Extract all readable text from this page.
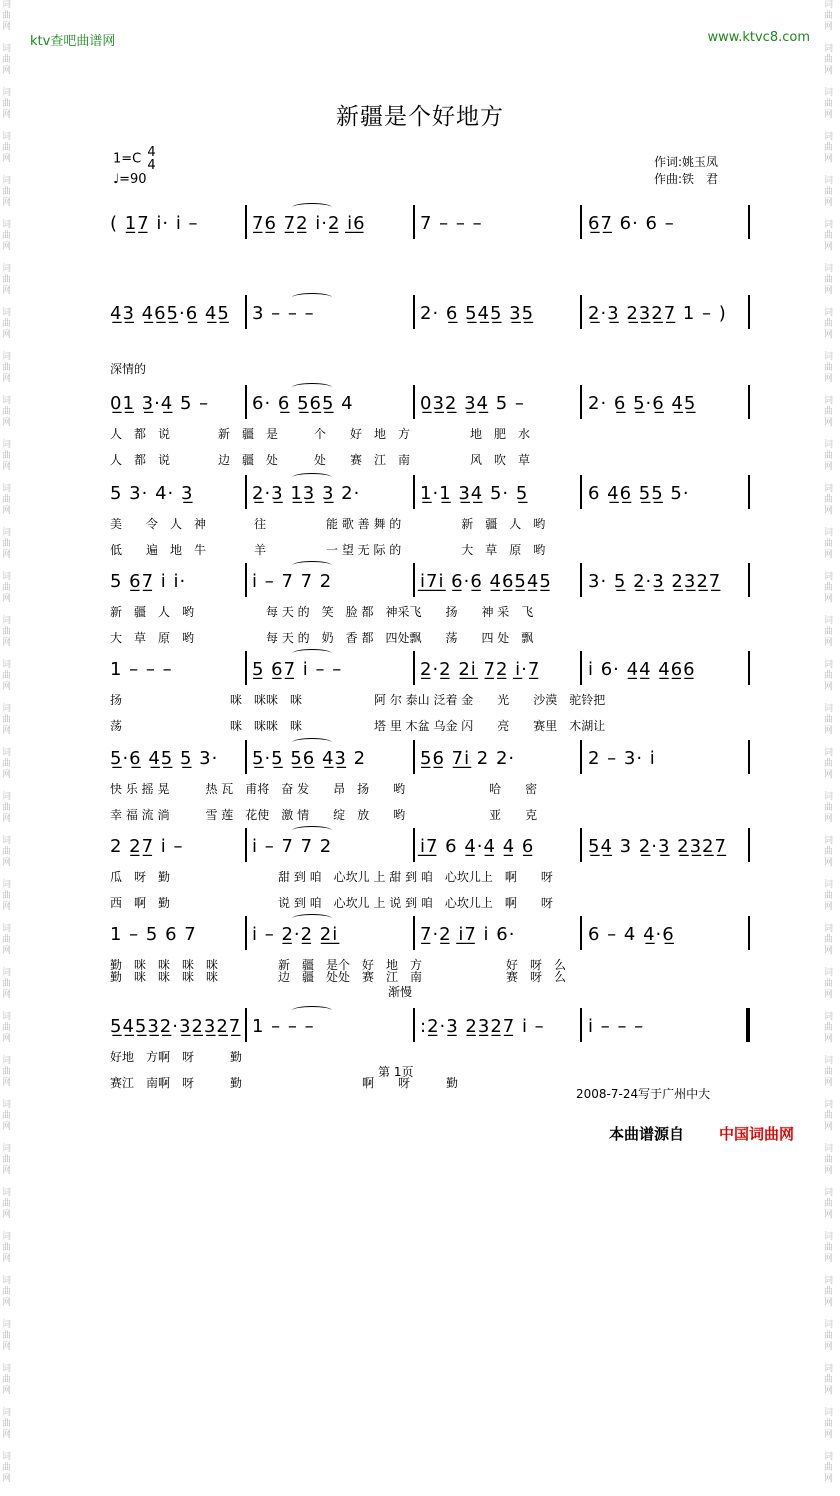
词
曲
网

词
曲
网

词
曲
网

词
曲
网

词
曲
网

词
曲
网

词
曲
网

词
曲
网

词
曲
网

词
曲
网

词
曲
网

词
曲
网

词
曲
网

词
曲
网

词
曲
网

词
曲
网

词
曲
网

词
曲
网

词
曲
网

词
曲
网

词
曲
网

词
曲
网

词
曲
网

词
曲
网

词
曲
网

词
曲
网

词
曲
网

词
曲
网

词
曲
网

词
曲
网

词
曲
网

词
曲
网

词
曲
网

词
曲
网

词
曲
网

词
曲
网

词
曲
网

词
曲
网

词
曲
网

词
曲
网

词
曲
网

词
曲
网

词
曲
网

词
曲
网

词
曲
网

词
曲
网

词
曲
网

词
曲
网

词
曲
网

词
曲
网

词
曲
网

词
曲
网

词
曲
网

词
曲
网

词
曲
网

词
曲
网

词
曲
网

词
曲
网

词
曲
网

词
曲
网

词
曲
网

词
曲
网

词
曲
网

词
曲
网

词
曲
网

词
曲
网

词
曲
网

词
曲
网

ktv查吧曲谱网	www.ktvc8.com
新疆是个好地方
1=C 4
4
♩=90
作词:姚玉凤
作曲:铁　君
深情的
渐慢
( 1̲7̲ i· i –	7̲6̲ 7̲2̲ i·2̲ i̲6̲	7 – – –	6̲7̲ 6· 6 –
4̲3̲ 4̲6̲5̲·6̲ 4̲5̲ 3 – – –	2· 6̲ 5̲4̲5̲ 3̲5̲	2̲·3̲ 2̲3̲2̲7̲ 1 – )
0̲1̲ 3̲·4̲ 5 – 6· 6̲ 5̲6̲5̲ 4	0̲3̲2̲ 3̲4̲ 5 –	2· 6̲ 5̲·6̲ 4̲5̲
人　都　说　　　　新　疆　是　　　个　　好　地　方　　　　　地　肥　水
人　都　说　　　　边　疆　处　　　处　　赛　江　南　　　　　风　吹　草
5 3· 4· 3̲	2̲·3̲ 1̲3̲ 3̲ 2·	1̲·1̲ 3̲4̲ 5· 5̲	6 4̲6̲ 5̲5̲ 5·
美　　令　人　神　　　　往　　　　　能 歌 善 舞 的　　　　　新　疆　人　哟
低　　遍　地　牛　　　　羊　　　　　一 望 无 际 的　　　　　大　草　原　哟
5 6̲7̲ i i·	i – 7 7 2	i̲7̲i̲ 6̲·6̲ 4̲6̲5̲4̲5̲ 3· 5̲ 2̲·3̲ 2̲3̲2̲7̲
新　疆　人　哟　　　　　　每 天 的　笑　脸 都　神采飞　　扬　　神 采　飞
大　草　原　哟　　　　　　每 天 的　奶　香 都　四处飘　　荡　　四 处　飘
1 – – –	5̲ 6̲7̲ i – –	2̲·2̲ 2̲i̲ 7̲2̲ i̲·7̲	i 6· 4̲4̲ 4̲6̲6̲
扬　　　　　　　　　咪　咪咪　咪　　　　　　阿 尔 泰山 泛着 金　　光　　沙漠　驼铃把
荡　　　　　　　　　咪　咪咪　咪　　　　　　塔 里 木盆 乌金 闪　　亮　　赛里　木湖让
5̲·6̲ 4̲5̲ 5̲ 3· 5̲·5̲ 5̲6̲ 4̲3̲ 2	5̲6̲ 7̲i̲ 2 2·	2 – 3· i
快 乐 摇 晃　　　热 瓦　甫将　奋 发　　昂　扬　　哟　　　　　　　哈　　密
幸 福 流 淌　　　雪 莲　花使　激 情　　绽　放　　哟　　　　　　　亚　　克
2 2̲7̲ i –	i – 7 7 2	i̲7̲ 6 4̲·4̲ 4̲ 6̲	5̲4̲ 3 2̲·3̲ 2̲3̲2̲7̲
瓜　呀　勤　　　　　　　　　甜 到 咱　心坎儿 上 甜 到 咱　心坎儿上　啊　　呀
西　啊　勤　　　　　　　　　说 到 咱　心坎儿 上 说 到 咱　心坎儿上　啊　　呀
1 – 5 6 7	i – 2̲·2̲ 2̲i̲	7̲·2̲ i̲7̲ i 6·	6 – 4 4̲·6̲
勤　咪　咪　咪　咪　　　　　新　疆　是个　好　地　方　　　　　　　好　呀　么
勤　咪　咪　咪　咪　　　　　边　疆　处处　赛　江　南　　　　　　　赛　呀　么
5̲4̲5̲3̲2̲·3̲2̲3̲2̲7̲ 1 – – –	:2̲·3̲ 2̲3̲2̲7̲ i – i – – –
好地　方啊　呀　　　勤　　　　　　　　　　　　
赛江　南啊　呀　　　勤　　　　　　　　　　啊　　呀　　　勤
第 1页
2008-7-24写于广州中大
本曲谱源自 中国词曲网
